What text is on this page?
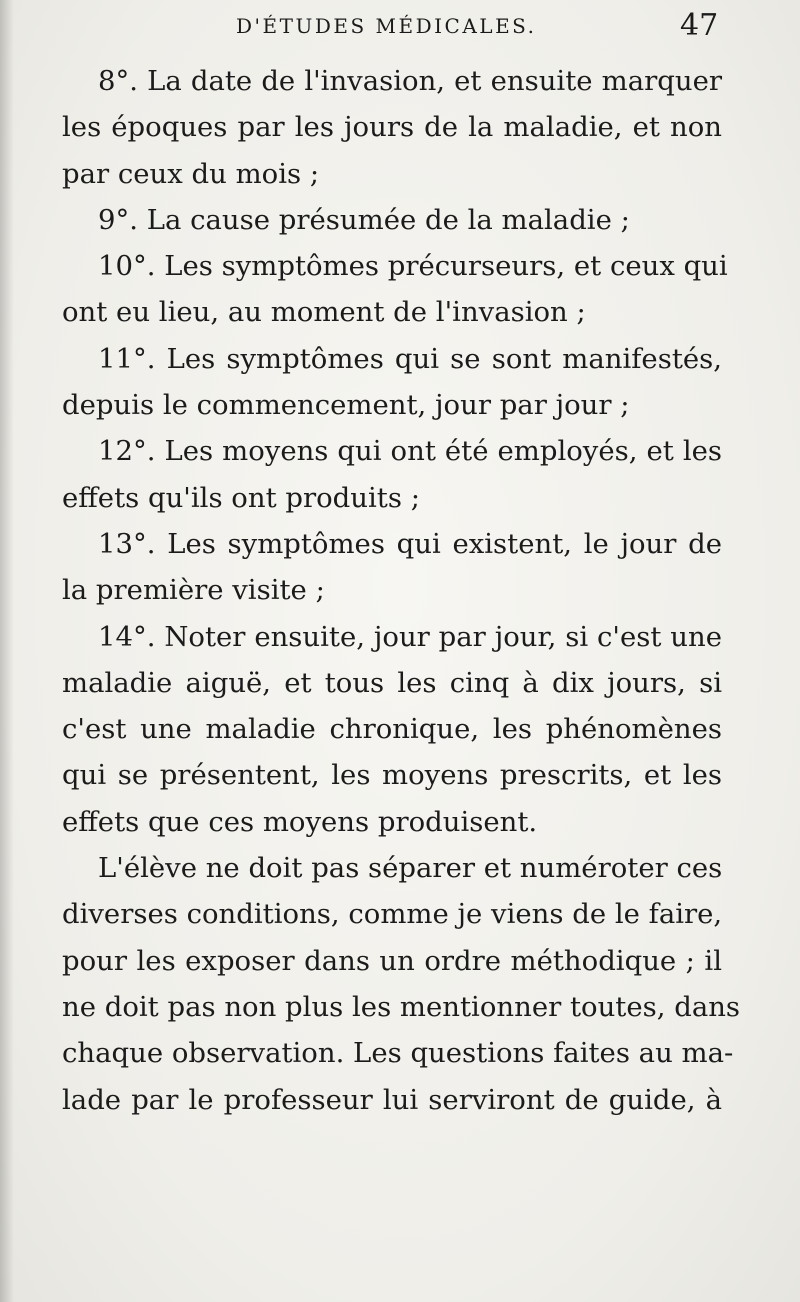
D'ÉTUDES MÉDICALES.	47
8°. La date de l'invasion, et ensuite marquer
les époques par les jours de la maladie, et non
par ceux du mois ;
9°. La cause présumée de la maladie ;
10°. Les symptômes précurseurs, et ceux qui
ont eu lieu, au moment de l'invasion ;
11°. Les symptômes qui se sont manifestés,
depuis le commencement, jour par jour ;
12°. Les moyens qui ont été employés, et les
effets qu'ils ont produits ;
13°. Les symptômes qui existent, le jour de
la première visite ;
14°. Noter ensuite, jour par jour, si c'est une
maladie aiguë, et tous les cinq à dix jours, si
c'est une maladie chronique, les phénomènes
qui se présentent, les moyens prescrits, et les
effets que ces moyens produisent.
L'élève ne doit pas séparer et numéroter ces
diverses conditions, comme je viens de le faire,
pour les exposer dans un ordre méthodique ; il
ne doit pas non plus les mentionner toutes, dans
chaque observation. Les questions faites au ma-
lade par le professeur lui serviront de guide, à
